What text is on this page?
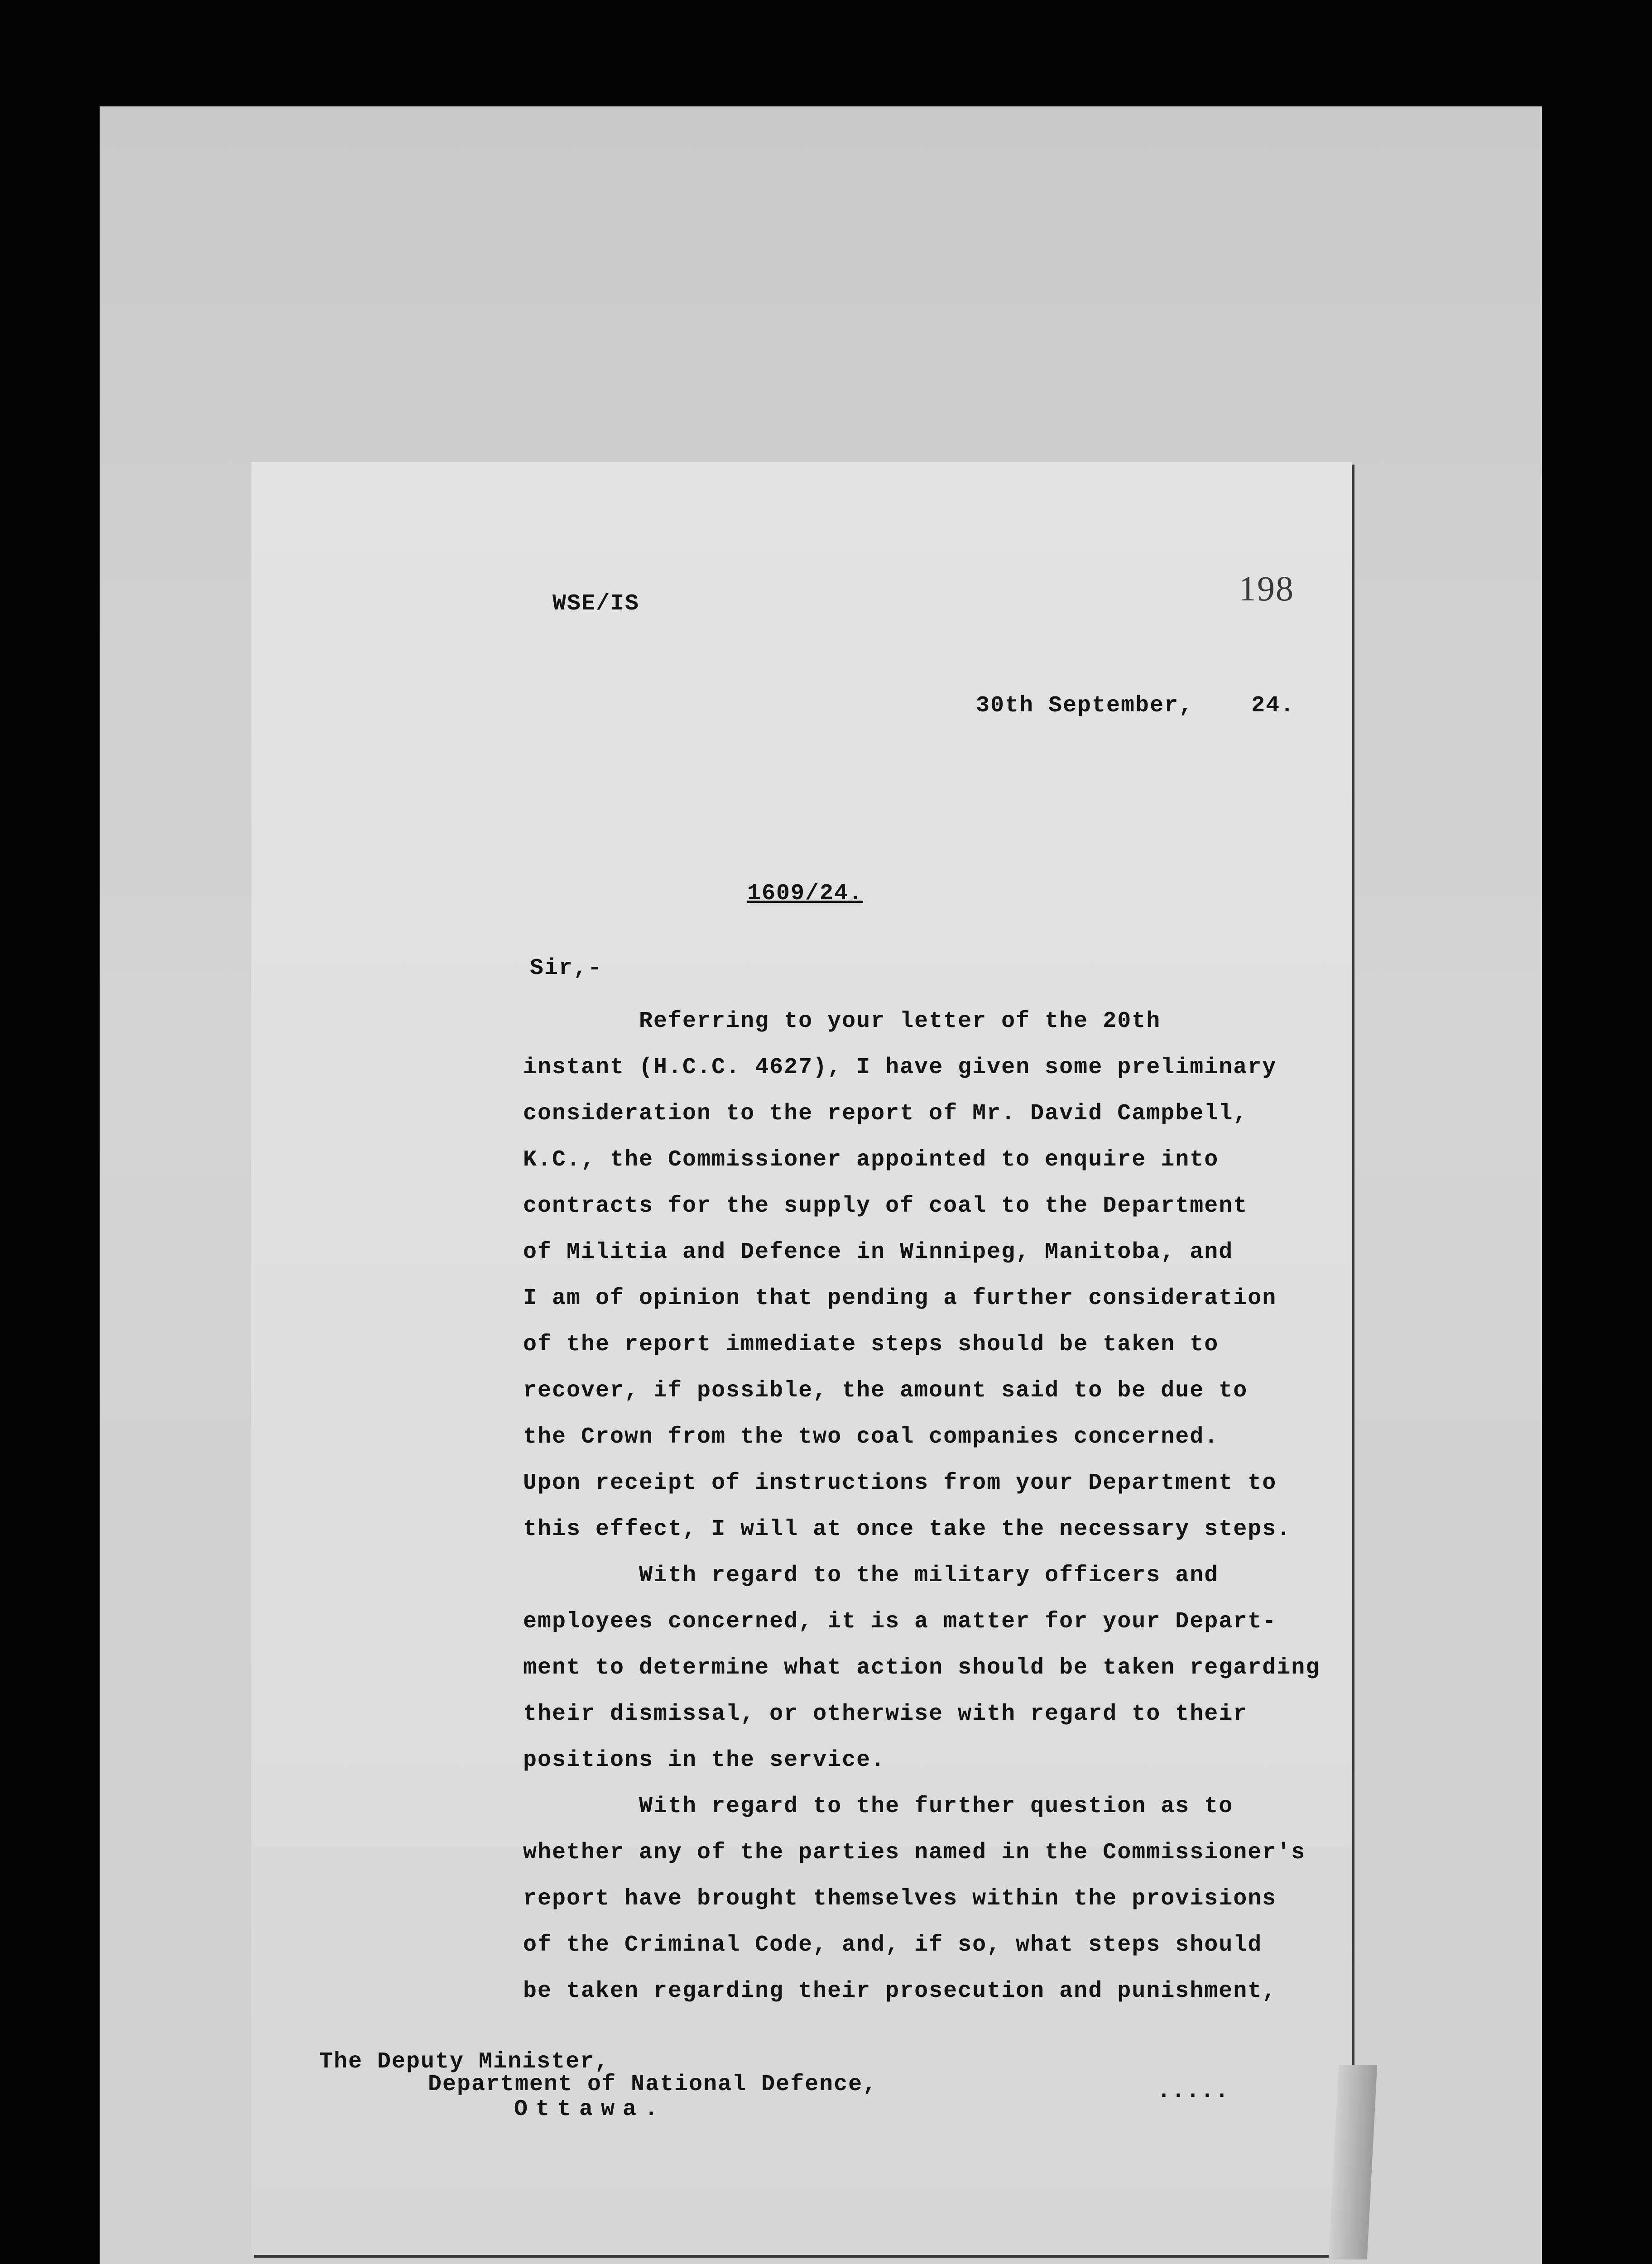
WSE/IS	198
30th September,    24.
1609/24.
Sir,-
Referring to your letter of the 20th
instant (H.C.C. 4627), I have given some preliminary
consideration to the report of Mr. David Campbell,
K.C., the Commissioner appointed to enquire into
contracts for the supply of coal to the Department
of Militia and Defence in Winnipeg, Manitoba, and
I am of opinion that pending a further consideration
of the report immediate steps should be taken to
recover, if possible, the amount said to be due to
the Crown from the two coal companies concerned.
Upon receipt of instructions from your Department to
this effect, I will at once take the necessary steps.
With regard to the military officers and
employees concerned, it is a matter for your Depart-
ment to determine what action should be taken regarding
their dismissal, or otherwise with regard to their
positions in the service.
With regard to the further question as to
whether any of the parties named in the Commissioner's
report have brought themselves within the provisions
of the Criminal Code, and, if so, what steps should
be taken regarding their prosecution and punishment,
The Deputy Minister,
Department of National Defence,
Ottawa.
.....
